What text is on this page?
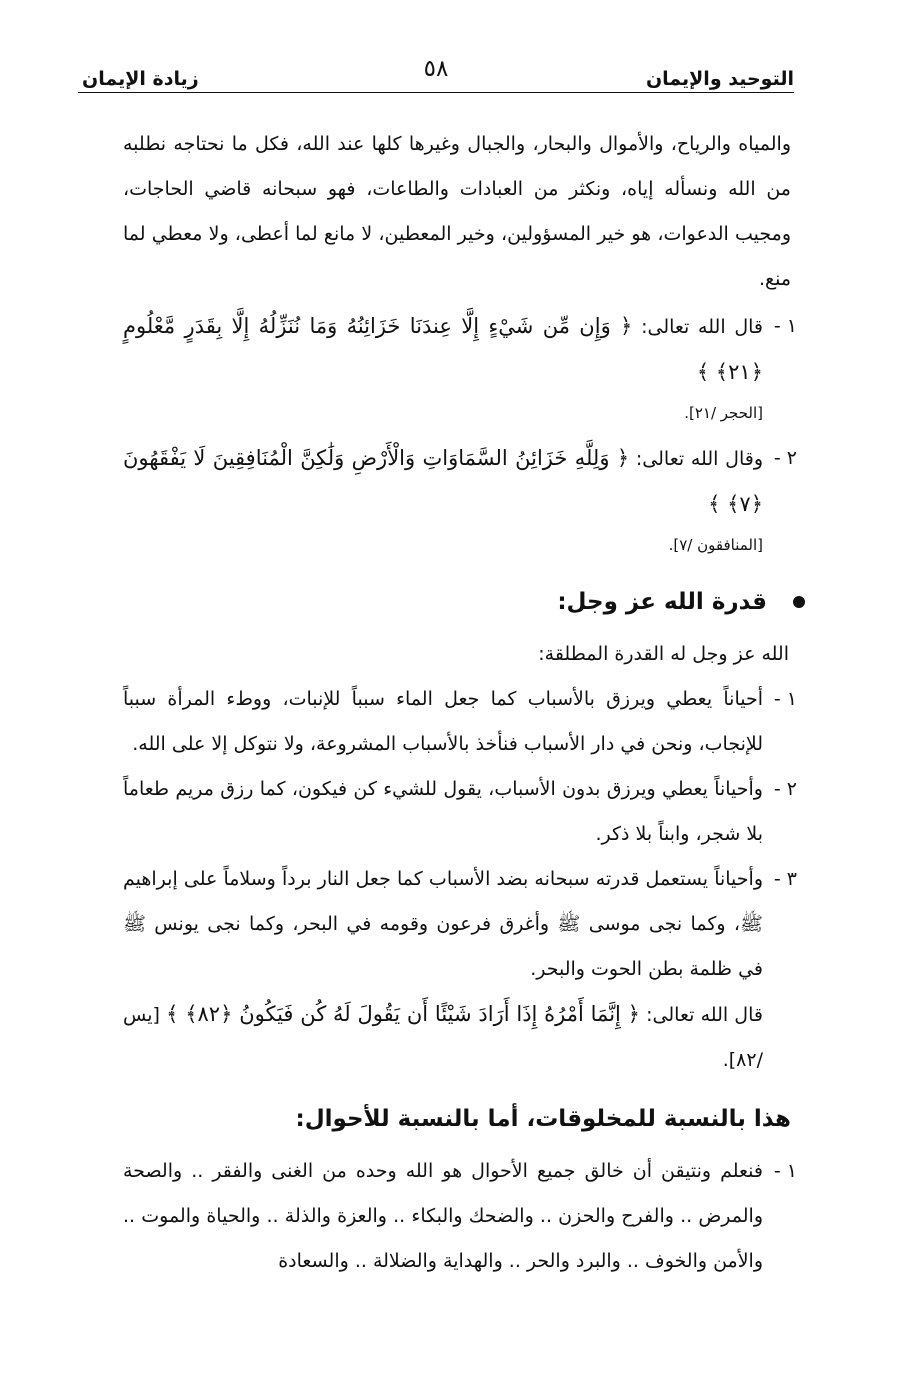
التوحيد والإيمان
٥٨
زيادة الإيمان

والمياه والرياح، والأموال والبحار، والجبال وغيرها كلها عند الله، فكل ما نحتاجه نطلبه من الله ونسأله إياه، ونكثر من العبادات والطاعات، فهو سبحانه قاضي الحاجات، ومجيب الدعوات، هو خير المسؤولين، وخير المعطين، لا مانع لما أعطى، ولا معطي لما منع.

١ -
قال الله تعالى: ﴿ وَإِن مِّن شَيْءٍ إِلَّا عِندَنَا خَزَائِنُهُ وَمَا نُنَزِّلُهُ إِلَّا بِقَدَرٍ مَّعْلُومٍ ﴿٢١﴾ ﴾
[الحجر /٢١].
٢ -
وقال الله تعالى: ﴿ وَلِلَّهِ خَزَائِنُ السَّمَاوَاتِ وَالْأَرْضِ وَلَٰكِنَّ الْمُنَافِقِينَ لَا يَفْقَهُونَ ﴿٧﴾ ﴾
[المنافقون /٧].
قدرة الله عز وجل:

الله عز وجل له القدرة المطلقة:

١ -
أحياناً يعطي ويرزق بالأسباب كما جعل الماء سبباً للإنبات، ووطء المرأة سبباً للإنجاب، ونحن في دار الأسباب فنأخذ بالأسباب المشروعة، ولا نتوكل إلا على الله.
٢ -
وأحياناً يعطي ويرزق بدون الأسباب، يقول للشيء كن فيكون، كما رزق مريم طعاماً بلا شجر، وابناً بلا ذكر.
٣ -
وأحياناً يستعمل قدرته سبحانه بضد الأسباب كما جعل النار برداً وسلاماً على إبراهيم ﷺ، وكما نجى موسى ﷺ وأغرق فرعون وقومه في البحر، وكما نجى يونس ﷺ في ظلمة بطن الحوت والبحر.

قال الله تعالى: ﴿ إِنَّمَا أَمْرُهُ إِذَا أَرَادَ شَيْئًا أَن يَقُولَ لَهُ كُن فَيَكُونُ ﴿٨٢﴾ ﴾ [يس /٨٢].

هذا بالنسبة للمخلوقات، أما بالنسبة للأحوال:
١ -
فنعلم ونتيقن أن خالق جميع الأحوال هو الله وحده من الغنى والفقر .. والصحة والمرض .. والفرح والحزن .. والضحك والبكاء .. والعزة والذلة .. والحياة والموت .. والأمن والخوف .. والبرد والحر .. والهداية والضلالة .. والسعادة
